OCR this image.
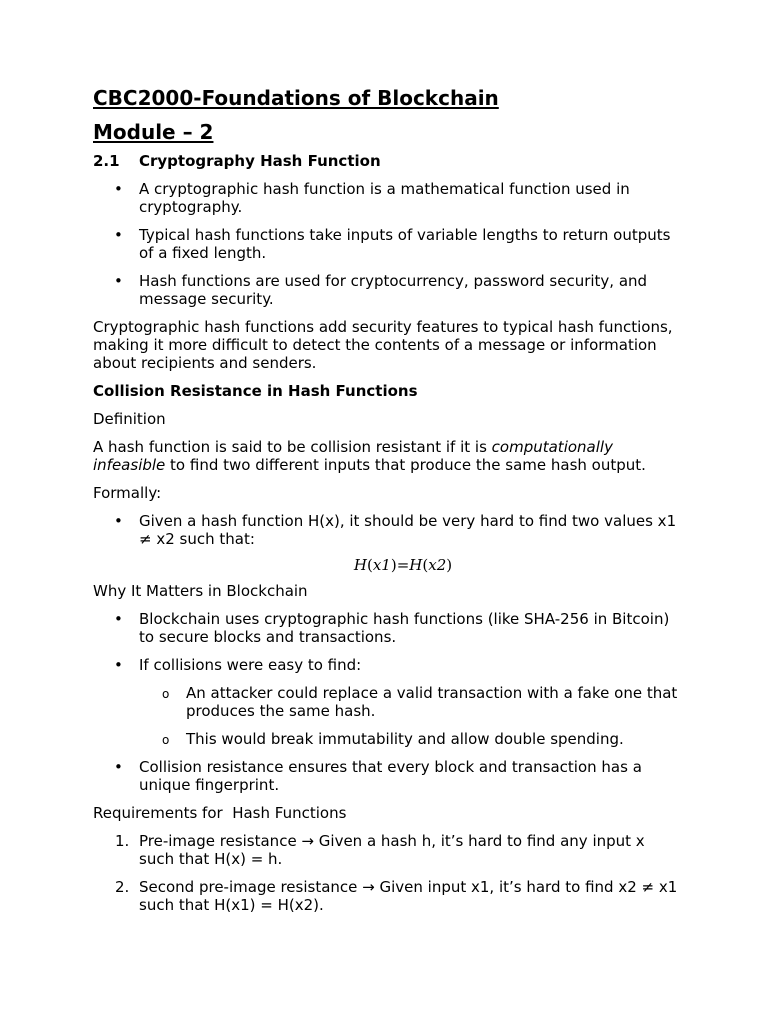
CBC2000-Foundations of Blockchain
Module – 2
2.1 Cryptography Hash Function
• A cryptographic hash function is a mathematical function used in cryptography.
• Typical hash functions take inputs of variable lengths to return outputs of a fixed length.
• Hash functions are used for cryptocurrency, password security, and message security.

Cryptographic hash functions add security features to typical hash functions, making it more difficult to detect the contents of a message or information about recipients and senders.

Collision Resistance in Hash Functions

Definition

A hash function is said to be collision resistant if it is computationally infeasible to find two different inputs that produce the same hash output.

Formally:

• Given a hash function H(x), it should be very hard to find two values x1 ≠ x2 such that:
H(x1)=H(x2)

Why It Matters in Blockchain

• Blockchain uses cryptographic hash functions (like SHA-256 in Bitcoin) to secure blocks and transactions.
• If collisions were easy to find:
o An attacker could replace a valid transaction with a fake one that produces the same hash.
o This would break immutability and allow double spending.
• Collision resistance ensures that every block and transaction has a unique fingerprint.

Requirements for  Hash Functions

1. Pre-image resistance → Given a hash h, it’s hard to find any input x such that H(x) = h.
2. Second pre-image resistance → Given input x1, it’s hard to find x2 ≠ x1 such that H(x1) = H(x2).
